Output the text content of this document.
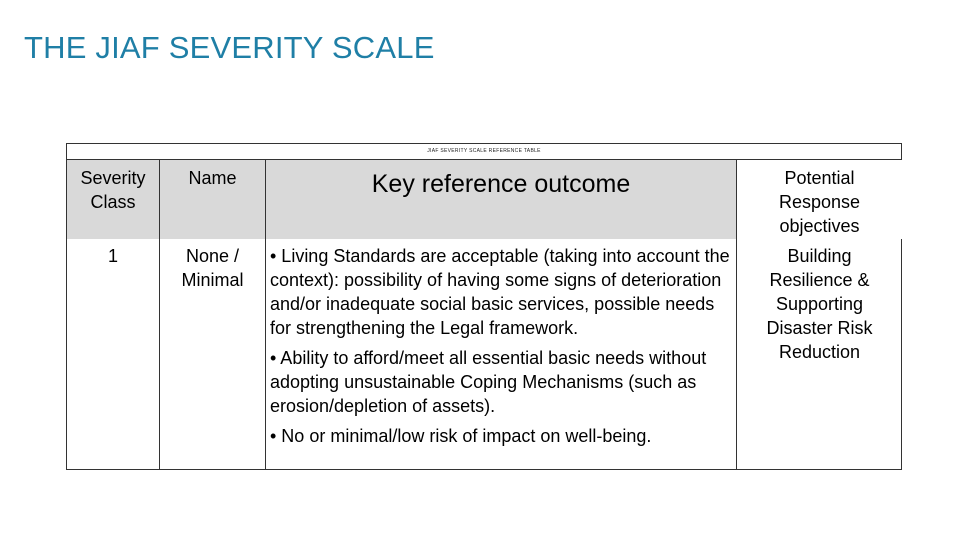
THE JIAF SEVERITY SCALE
JIAF SEVERITY SCALE REFERENCE TABLE
Severity Class
1
Name
None / Minimal
Key reference outcome

• Living Standards are acceptable (taking into account the context): possibility of having some signs of deterioration and/or inadequate social basic services, possible needs for strengthening the Legal framework.

• Ability to afford/meet all essential basic needs without adopting unsustainable Coping Mechanisms (such as erosion/depletion of assets).

• No or minimal/low risk of impact on well-being.

Potential Response objectives
Building Resilience & Supporting Disaster Risk Reduction
